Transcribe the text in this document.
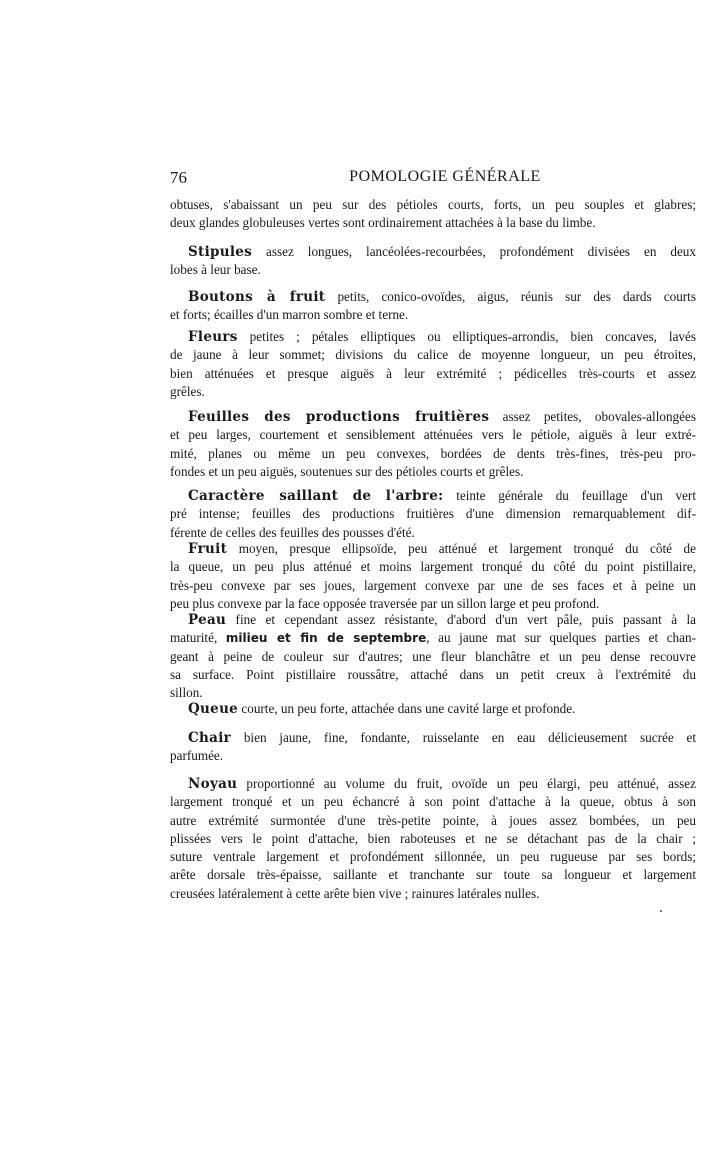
76	POMOLOGIE GÉNÉRALE
obtuses, s'abaissant un peu sur des pétioles courts, forts, un peu souples et glabres;
deux glandes globuleuses vertes sont ordinairement attachées à la base du limbe.
Stipules assez longues, lancéolées-recourbées, profondément divisées en deux
lobes à leur base.
Boutons à fruit petits, conico-ovoïdes, aigus, réunis sur des dards courts
et forts; écailles d'un marron sombre et terne.
Fleurs petites ; pétales elliptiques ou elliptiques-arrondis, bien concaves, lavés
de jaune à leur sommet; divisions du calice de moyenne longueur, un peu étroites,
bien atténuées et presque aiguës à leur extrémité ; pédicelles très-courts et assez
grêles.
Feuilles des productions fruitières assez petites, obovales-allongées
et peu larges, courtement et sensiblement atténuées vers le pétiole, aiguës à leur extré-
mité, planes ou même un peu convexes, bordées de dents très-fines, très-peu pro-
fondes et un peu aiguës, soutenues sur des pétioles courts et grêles.
Caractère saillant de l'arbre: teinte générale du feuillage d'un vert
pré intense; feuilles des productions fruitières d'une dimension remarquablement dif-
férente de celles des feuilles des pousses d'été.
Fruit moyen, presque ellipsoïde, peu atténué et largement tronqué du côté de
la queue, un peu plus atténué et moins largement tronqué du côté du point pistillaire,
très-peu convexe par ses joues, largement convexe par une de ses faces et à peine un
peu plus convexe par la face opposée traversée par un sillon large et peu profond.
Peau fine et cependant assez résistante, d'abord d'un vert pâle, puis passant à la
maturité, milieu et fin de septembre, au jaune mat sur quelques parties et chan-
geant à peine de couleur sur d'autres; une fleur blanchâtre et un peu dense recouvre
sa surface. Point pistillaire roussâtre, attaché dans un petit creux à l'extrémité du
sillon.
Queue courte, un peu forte, attachée dans une cavité large et profonde.
Chair bien jaune, fine, fondante, ruisselante en eau délicieusement sucrée et
parfumée.
Noyau proportionné au volume du fruit, ovoïde un peu élargi, peu atténué, assez
largement tronqué et un peu échancré à son point d'attache à la queue, obtus à son
autre extrémité surmontée d'une très-petite pointe, à joues assez bombées, un peu
plissées vers le point d'attache, bien raboteuses et ne se détachant pas de la chair ;
suture ventrale largement et profondément sillonnée, un peu rugueuse par ses bords;
arête dorsale très-épaisse, saillante et tranchante sur toute sa longueur et largement
creusées latéralement à cette arête bien vive ; rainures latérales nulles.
